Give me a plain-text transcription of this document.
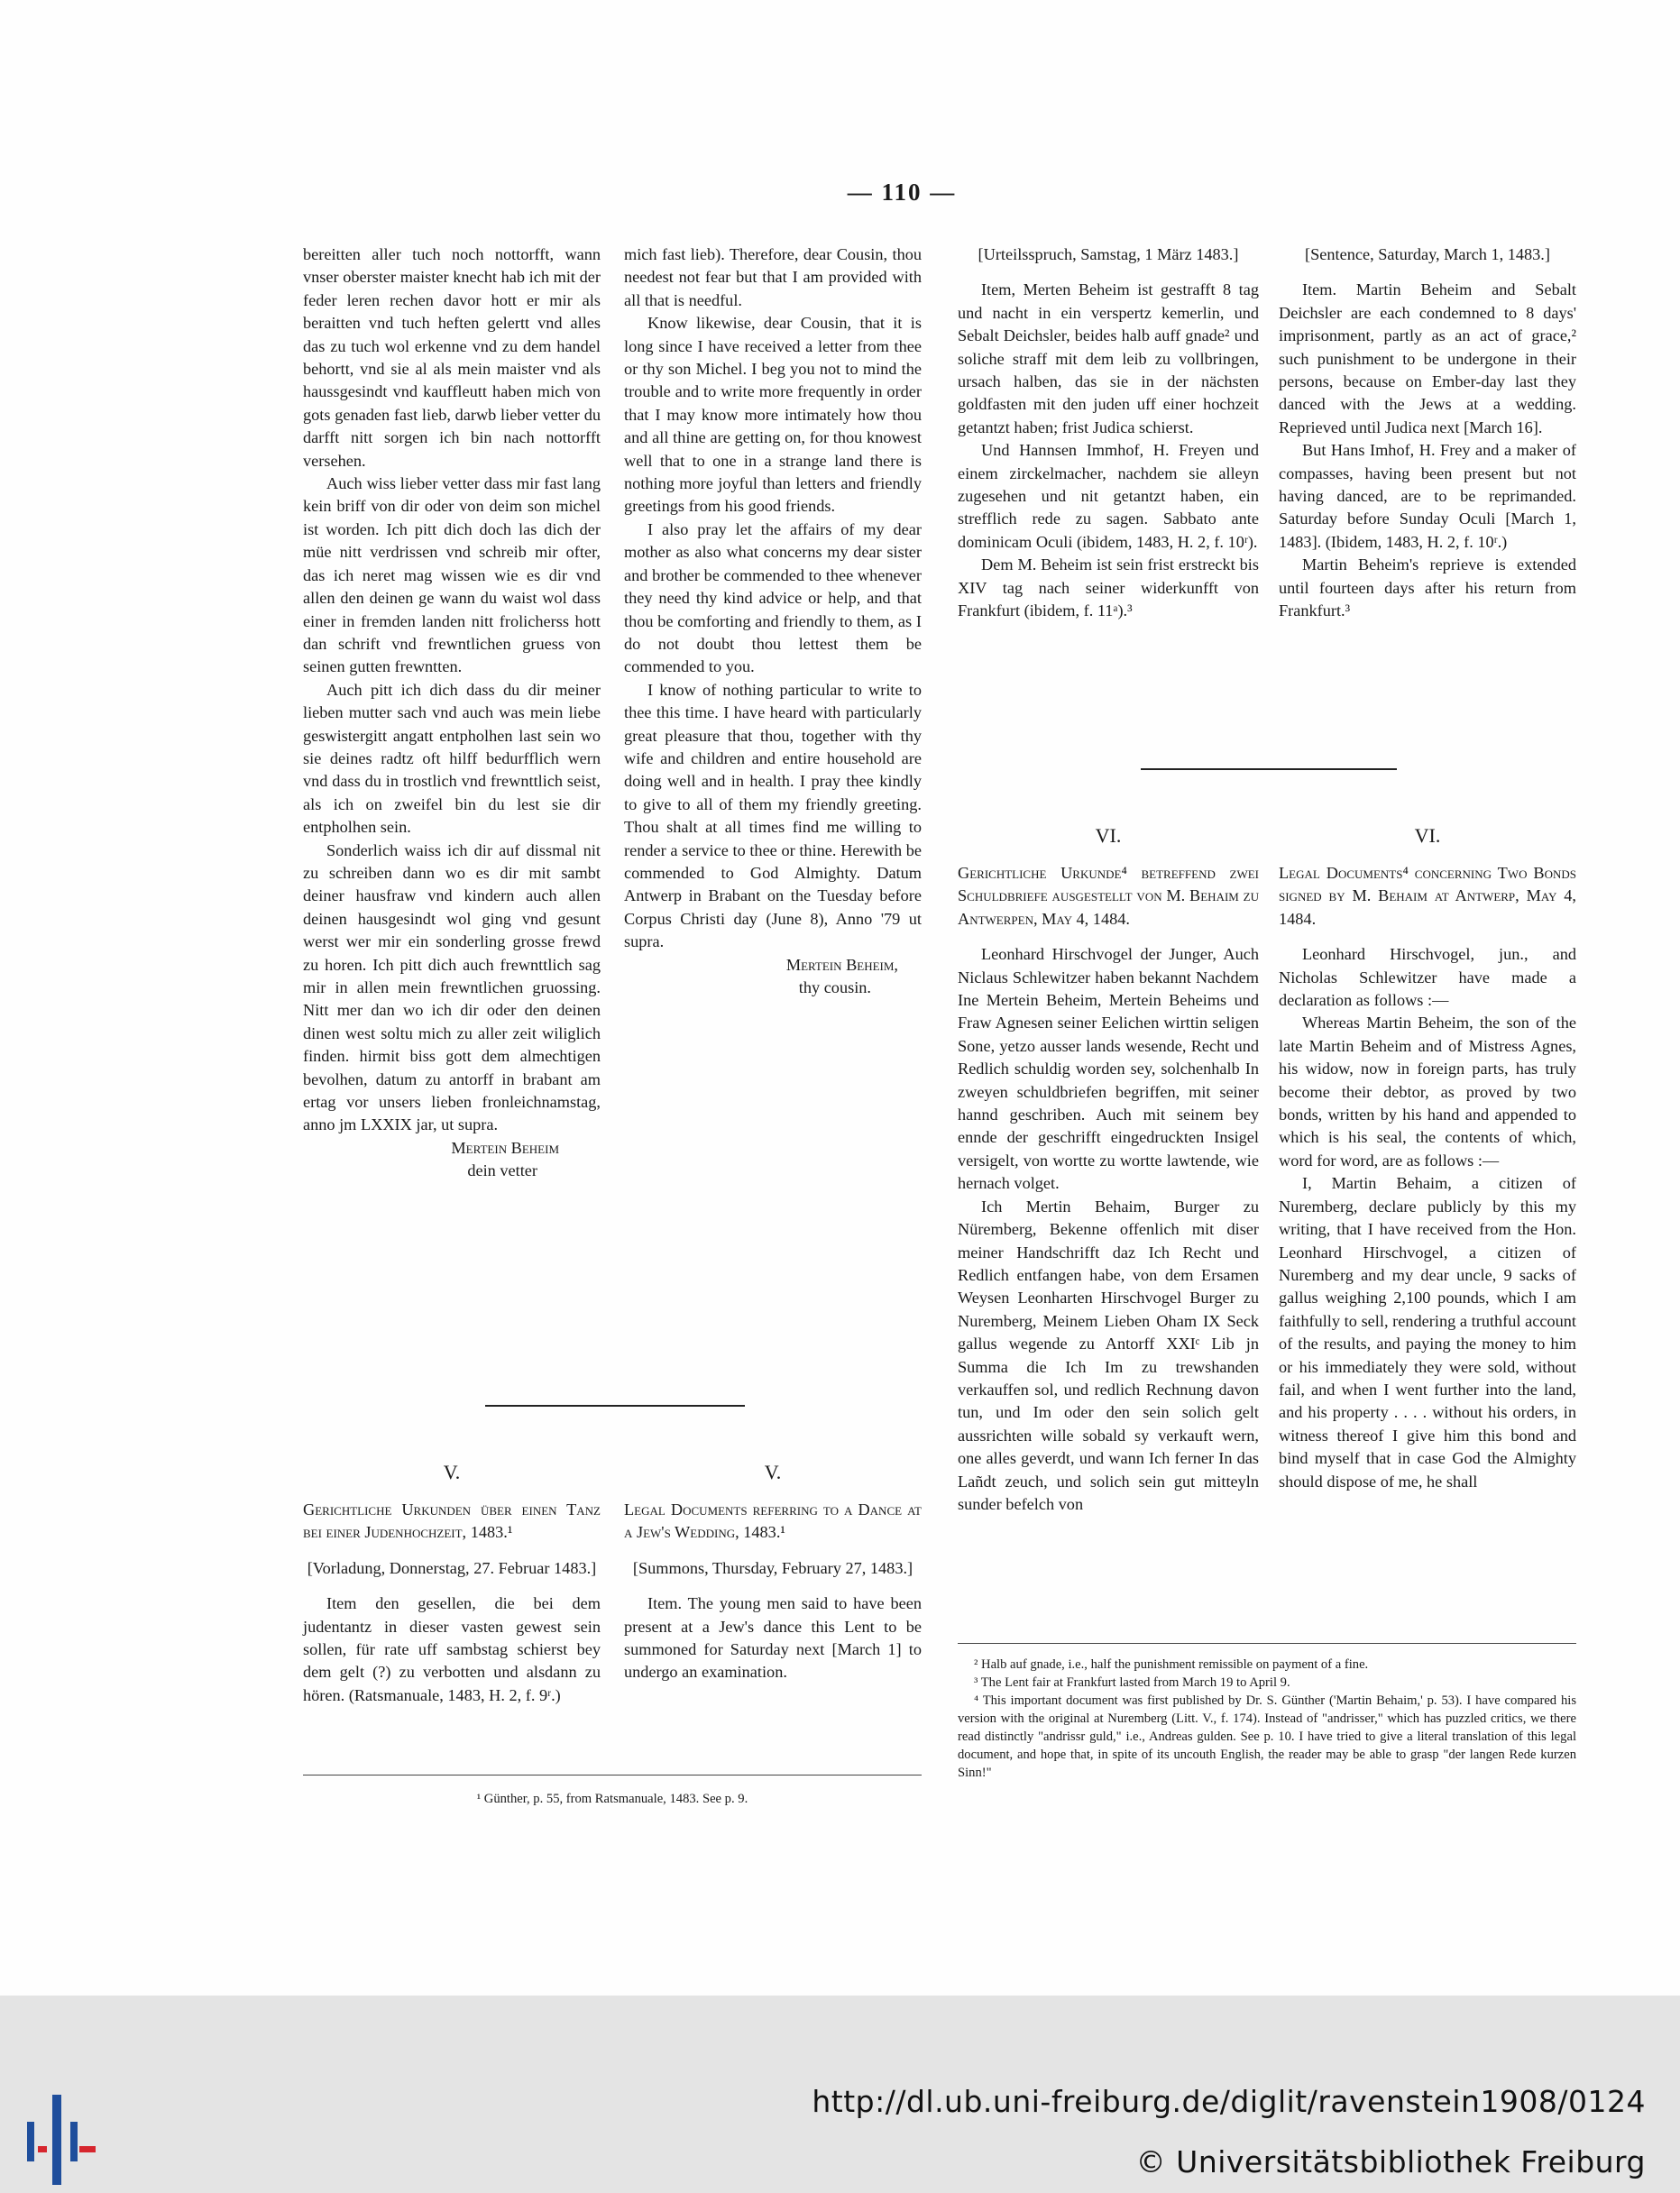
— 110 —

bereitten aller tuch noch nottorfft, wann vnser oberster maister knecht hab ich mit der feder leren rechen davor hott er mir als beraitten vnd tuch heften gelertt vnd alles das zu tuch wol erkenne vnd zu dem handel behortt, vnd sie al als mein maister vnd als haussgesindt vnd kauffleutt haben mich von gots genaden fast lieb, darwb lieber vetter du darfft nitt sorgen ich bin nach nottorfft versehen.

Auch wiss lieber vetter dass mir fast lang kein briff von dir oder von deim son michel ist worden. Ich pitt dich doch las dich der müe nitt verdrissen vnd schreib mir ofter, das ich neret mag wissen wie es dir vnd allen den deinen ge wann du waist wol dass einer in fremden landen nitt frolicherss hott dan schrift vnd frewntlichen gruess von seinen gutten frewntten.

Auch pitt ich dich dass du dir meiner lieben mutter sach vnd auch was mein liebe geswistergitt angatt entpholhen last sein wo sie deines radtz oft hilff bedurfflich wern vnd dass du in trostlich vnd frewnttlich seist, als ich on zweifel bin du lest sie dir entpholhen sein.

Sonderlich waiss ich dir auf dissmal nit zu schreiben dann wo es dir mit sambt deiner hausfraw vnd kindern auch allen deinen hausgesindt wol ging vnd gesunt werst wer mir ein sonderling grosse frewd zu horen. Ich pitt dich auch frewnttlich sag mir in allen mein frewntlichen gruossing. Nitt mer dan wo ich dir oder den deinen dinen west soltu mich zu aller zeit wiliglich finden. hirmit biss gott dem almechtigen bevolhen, datum zu antorff in brabant am ertag vor unsers lieben fronleichnamstag, anno jm LXXIX jar, ut supra.

Mertein Beheim
dein vetter

mich fast lieb). Therefore, dear Cousin, thou needest not fear but that I am provided with all that is needful.

Know likewise, dear Cousin, that it is long since I have received a letter from thee or thy son Michel. I beg you not to mind the trouble and to write more frequently in order that I may know more intimately how thou and all thine are getting on, for thou knowest well that to one in a strange land there is nothing more joyful than letters and friendly greetings from his good friends.

I also pray let the affairs of my dear mother as also what concerns my dear sister and brother be commended to thee whenever they need thy kind advice or help, and that thou be comforting and friendly to them, as I do not doubt thou lettest them be commended to you.

I know of nothing particular to write to thee this time. I have heard with particularly great pleasure that thou, together with thy wife and children and entire household are doing well and in health. I pray thee kindly to give to all of them my friendly greeting. Thou shalt at all times find me willing to render a service to thee or thine. Herewith be commended to God Almighty. Datum Antwerp in Brabant on the Tuesday before Corpus Christi day (June 8), Anno '79 ut supra.

Mertein Beheim,
thy cousin.
[Urteilsspruch, Samstag, 1 März 1483.]

Item, Merten Beheim ist gestrafft 8 tag und nacht in ein verspertz kemerlin, und Sebalt Deichsler, beides halb auff gnade² und soliche straff mit dem leib zu vollbringen, ursach halben, das sie in der nächsten goldfasten mit den juden uff einer hochzeit getantzt haben; frist Judica schierst.

Und Hannsen Immhof, H. Freyen und einem zirckelmacher, nachdem sie alleyn zugesehen und nit getantzt haben, ein strefflich rede zu sagen. Sabbato ante dominicam Oculi (ibidem, 1483, H. 2, f. 10ʳ).

Dem M. Beheim ist sein frist erstreckt bis XIV tag nach seiner widerkunfft von Frankfurt (ibidem, f. 11ᵃ).³

[Sentence, Saturday, March 1, 1483.]

Item. Martin Beheim and Sebalt Deichsler are each condemned to 8 days' imprisonment, partly as an act of grace,² such punishment to be undergone in their persons, because on Ember-day last they danced with the Jews at a wedding. Reprieved until Judica next [March 16].

But Hans Imhof, H. Frey and a maker of compasses, having been present but not having danced, are to be reprimanded. Saturday before Sunday Oculi [March 1, 1483]. (Ibidem, 1483, H. 2, f. 10ʳ.)

Martin Beheim's reprieve is extended until fourteen days after his return from Frankfurt.³

V.
Gerichtliche Urkunden über einen Tanz bei einer Judenhochzeit, 1483.¹
[Vorladung, Donnerstag, 27. Februar 1483.]

Item den gesellen, die bei dem judentantz in dieser vasten gewest sein sollen, für rate uff sambstag schierst bey dem gelt (?) zu verbotten und alsdann zu hören. (Ratsmanuale, 1483, H. 2, f. 9ʳ.)

V.
Legal Documents referring to a Dance at a Jew's Wedding, 1483.¹
[Summons, Thursday, February 27, 1483.]

Item. The young men said to have been present at a Jew's dance this Lent to be summoned for Saturday next [March 1] to undergo an examination.

¹ Günther, p. 55, from Ratsmanuale, 1483. See p. 9.
VI.
Gerichtliche Urkunde⁴ betreffend zwei Schuldbriefe ausgestellt von M. Behaim zu Antwerpen, May 4, 1484.

Leonhard Hirschvogel der Junger, Auch Niclaus Schlewitzer haben bekannt Nachdem Ine Mertein Beheim, Mertein Beheims und Fraw Agnesen seiner Eelichen wirttin seligen Sone, yetzo ausser lands wesende, Recht und Redlich schuldig worden sey, solchenhalb In zweyen schuldbriefen begriffen, mit seiner hannd geschriben. Auch mit seinem bey ennde der geschrifft eingedruckten Insigel versigelt, von wortte zu wortte lawtende, wie hernach volget.

Ich Mertin Behaim, Burger zu Nüremberg, Bekenne offenlich mit diser meiner Handschrifft daz Ich Recht und Redlich entfangen habe, von dem Ersamen Weysen Leonharten Hirschvogel Burger zu Nuremberg, Meinem Lieben Oham IX Seck gallus wegende zu Antorff XXIᶜ Lib jn Summa die Ich Im zu trewshanden verkauffen sol, und redlich Rechnung davon tun, und Im oder den sein solich gelt aussrichten wille sobald sy verkauft wern, one alles geverdt, und wann Ich ferner In das Lañdt zeuch, und solich sein gut mitteyln sunder befelch von

VI.
Legal Documents⁴ concerning Two Bonds signed by M. Behaim at Antwerp, May 4, 1484.

Leonhard Hirschvogel, jun., and Nicholas Schlewitzer have made a declaration as follows :—

Whereas Martin Beheim, the son of the late Martin Beheim and of Mistress Agnes, his widow, now in foreign parts, has truly become their debtor, as proved by two bonds, written by his hand and appended to which is his seal, the contents of which, word for word, are as follows :—

I, Martin Behaim, a citizen of Nuremberg, declare publicly by this my writing, that I have received from the Hon. Leonhard Hirschvogel, a citizen of Nuremberg and my dear uncle, 9 sacks of gallus weighing 2,100 pounds, which I am faithfully to sell, rendering a truthful account of the results, and paying the money to him or his immediately they were sold, without fail, and when I went further into the land, and his property . . . . without his orders, in witness thereof I give him this bond and bind myself that in case God the Almighty should dispose of me, he shall

² Halb auf gnade, i.e., half the punishment remissible on payment of a fine.

³ The Lent fair at Frankfurt lasted from March 19 to April 9.

⁴ This important document was first published by Dr. S. Günther ('Martin Behaim,' p. 53). I have compared his version with the original at Nuremberg (Litt. V., f. 174). Instead of "andrisser," which has puzzled critics, we there read distinctly "andrissr guld," i.e., Andreas gulden. See p. 10. I have tried to give a literal translation of this legal document, and hope that, in spite of its uncouth English, the reader may be able to grasp "der langen Rede kurzen Sinn!"

http://dl.ub.uni-freiburg.de/diglit/ravenstein1908/0124
© Universitätsbibliothek Freiburg
